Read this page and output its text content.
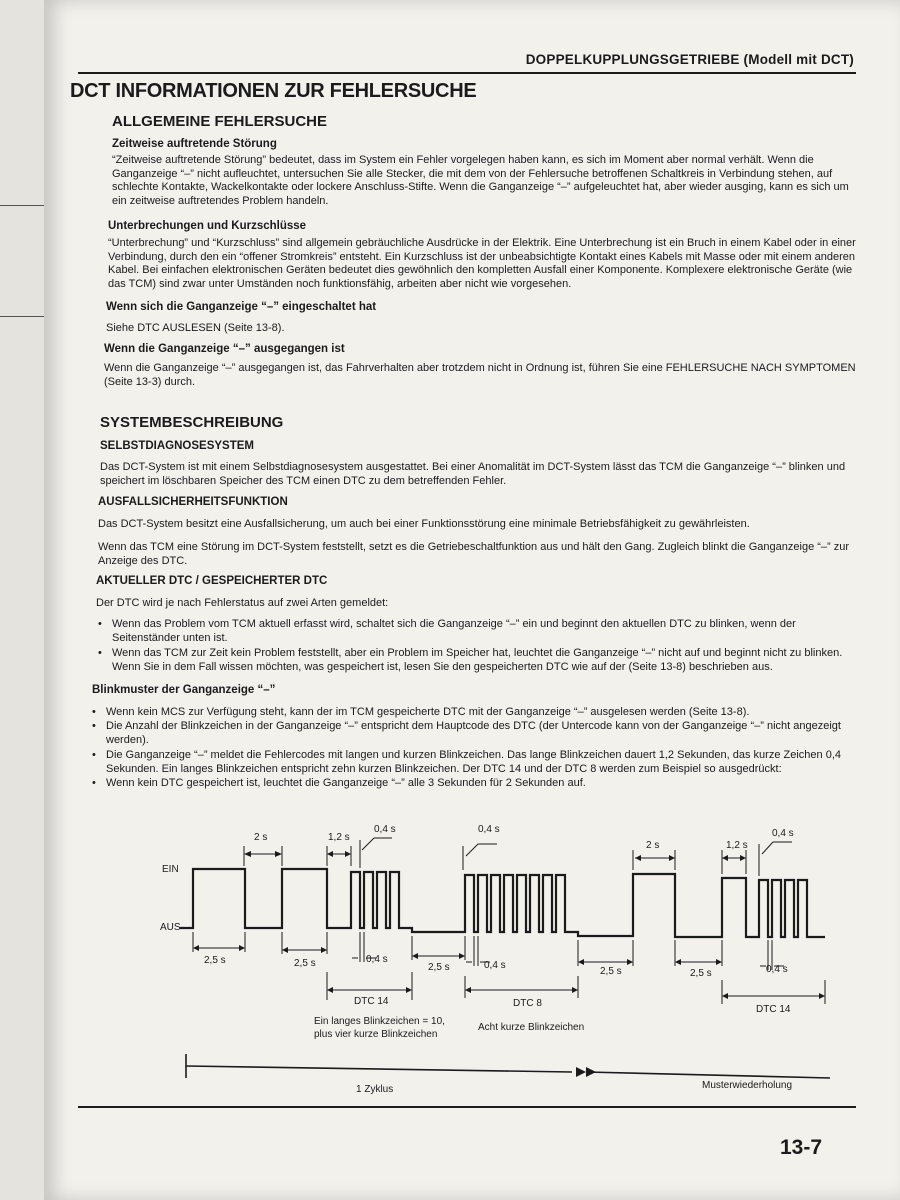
DOPPELKUPPLUNGSGETRIEBE (Modell mit DCT)
DCT INFORMATIONEN ZUR FEHLERSUCHE
ALLGEMEINE FEHLERSUCHE
Zeitweise auftretende Störung
“Zeitweise auftretende Störung” bedeutet, dass im System ein Fehler vorgelegen haben kann, es sich im Moment aber normal verhält. Wenn die Ganganzeige “–” nicht aufleuchtet, untersuchen Sie alle Stecker, die mit dem von der Fehlersuche betroffenen Schaltkreis in Verbindung stehen, auf schlechte Kontakte, Wackelkontakte oder lockere Anschluss-Stifte. Wenn die Ganganzeige “–” aufgeleuchtet hat, aber wieder ausging, kann es sich um ein zeitweise auftretendes Problem handeln.
Unterbrechungen und Kurzschlüsse
“Unterbrechung” und “Kurzschluss” sind allgemein gebräuchliche Ausdrücke in der Elektrik. Eine Unterbrechung ist ein Bruch in einem Kabel oder in einer Verbindung, durch den ein “offener Stromkreis” entsteht. Ein Kurzschluss ist der unbeabsichtigte Kontakt eines Kabels mit Masse oder mit einem anderen Kabel. Bei einfachen elektronischen Geräten bedeutet dies gewöhnlich den kompletten Ausfall einer Komponente. Komplexere elektronische Geräte (wie das TCM) sind zwar unter Umständen noch funktionsfähig, arbeiten aber nicht wie vorgesehen.
Wenn sich die Ganganzeige “–” eingeschaltet hat
Siehe DTC AUSLESEN (Seite 13-8).
Wenn die Ganganzeige “–” ausgegangen ist
Wenn die Ganganzeige “–” ausgegangen ist, das Fahrverhalten aber trotzdem nicht in Ordnung ist, führen Sie eine FEHLERSUCHE NACH SYMPTOMEN (Seite 13-3) durch.
SYSTEMBESCHREIBUNG
SELBSTDIAGNOSESYSTEM
Das DCT-System ist mit einem Selbstdiagnosesystem ausgestattet. Bei einer Anomalität im DCT-System lässt das TCM die Ganganzeige “–” blinken und speichert im löschbaren Speicher des TCM einen DTC zu dem betreffenden Fehler.
AUSFALLSICHERHEITSFUNKTION
Das DCT-System besitzt eine Ausfallsicherung, um auch bei einer Funktionsstörung eine minimale Betriebsfähigkeit zu gewährleisten.
Wenn das TCM eine Störung im DCT-System feststellt, setzt es die Getriebeschaltfunktion aus und hält den Gang. Zugleich blinkt die Ganganzeige “–” zur Anzeige des DTC.
AKTUELLER DTC / GESPEICHERTER DTC
Der DTC wird je nach Fehlerstatus auf zwei Arten gemeldet:
• Wenn das Problem vom TCM aktuell erfasst wird, schaltet sich die Ganganzeige “–” ein und beginnt den aktuellen DTC zu blinken, wenn der Seitenständer unten ist.
• Wenn das TCM zur Zeit kein Problem feststellt, aber ein Problem im Speicher hat, leuchtet die Ganganzeige “–” nicht auf und beginnt nicht zu blinken. Wenn Sie in dem Fall wissen möchten, was gespeichert ist, lesen Sie den gespeicherten DTC wie auf der (Seite 13-8) beschrieben aus.
Blinkmuster der Ganganzeige “–”
• Wenn kein MCS zur Verfügung steht, kann der im TCM gespeicherte DTC mit der Ganganzeige “–” ausgelesen werden (Seite 13-8).
• Die Anzahl der Blinkzeichen in der Ganganzeige “–” entspricht dem Hauptcode des DTC (der Untercode kann von der Ganganzeige “–” nicht angezeigt werden).
• Die Ganganzeige “–” meldet die Fehlercodes mit langen und kurzen Blinkzeichen. Das lange Blinkzeichen dauert 1,2 Sekunden, das kurze Zeichen 0,4 Sekunden. Ein langes Blinkzeichen entspricht zehn kurzen Blinkzeichen. Der DTC 14 und der DTC 8 werden zum Beispiel so ausgedrückt:
• Wenn kein DTC gespeichert ist, leuchtet die Ganganzeige “–” alle 3 Sekunden für 2 Sekunden auf.
EIN
AUS
2 s	1,2 s
0,4 s	0,4 s
2 s	1,2 s
0,4 s
2,5 s	2,5 s	0,4 s
2,5 s	0,4 s
2,5 s	2,5 s	0,4 s
DTC 14	DTC 8
DTC 14
Ein langes Blinkzeichen = 10,
plus vier kurze Blinkzeichen
Acht kurze Blinkzeichen
1 Zyklus	Musterwiederholung
13-7
